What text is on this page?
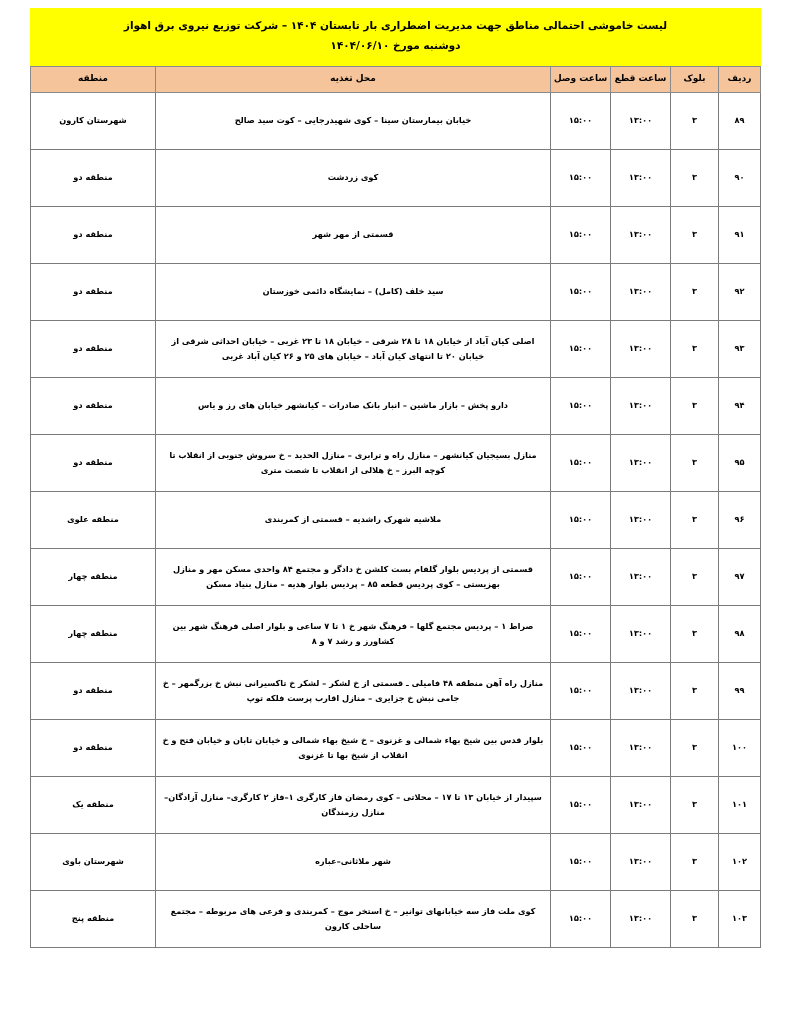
لیست خاموشی احتمالی مناطق جهت مدیریت اضطراری بار تابستان ۱۴۰۴ – شرکت توزیع نیروی برق اهواز
دوشنبه مورخ ۱۴۰۴/۰۶/۱۰
ردیف	بلوک	ساعت قطع	ساعت وصل	محل تغذیه	منطقه
۸۹	۳	۱۳:۰۰	۱۵:۰۰	خیابان بیمارستان سینا – کوی شهیدرجایی – کوت سید صالح	شهرستان کارون
۹۰	۳	۱۳:۰۰	۱۵:۰۰	کوی زردشت	منطقه دو
۹۱	۳	۱۳:۰۰	۱۵:۰۰	قسمتی از مهر شهر	منطقه دو
۹۲	۳	۱۳:۰۰	۱۵:۰۰	سید خلف (کامل) – نمایشگاه دائمی خوزستان	منطقه دو
۹۳	۳	۱۳:۰۰	۱۵:۰۰	اصلی کیان آباد از خیابان ۱۸ تا ۲۸ شرقی – خیابان ۱۸ تا ۲۳ غربی – خیابان احداثی شرقی از خیابان ۲۰ تا انتهای کیان آباد – خیابان های ۲۵ و ۲۶ کیان آباد غربی	منطقه دو
۹۴	۳	۱۳:۰۰	۱۵:۰۰	دارو پخش – بازار ماشین – انبار بانک صادرات – کیانشهر خیابان های رز و یاس	منطقه دو
۹۵	۳	۱۳:۰۰	۱۵:۰۰	منازل بسیجیان کیانشهر – منازل راه و ترابری – منازل الحدید – خ سروش جنوبی از انقلاب تا کوچه البرز – خ هلالی از انقلاب تا شصت متری	منطقه دو
۹۶	۳	۱۳:۰۰	۱۵:۰۰	ملاشیه شهرک راشدیه – قسمتی از کمربندی	منطقه علوی
۹۷	۳	۱۳:۰۰	۱۵:۰۰	قسمتی از پردیس بلوار گلفام بست کلشن خ دادگر و مجتمع ۸۴ واحدی مسکن مهر و منازل بهزیستی – کوی پردیس قطعه ۸۵ – پردیس بلوار هدیه – منازل بنیاد مسکن	منطقه چهار
۹۸	۳	۱۳:۰۰	۱۵:۰۰	صراط ۱ – پردیس مجتمع گلها – فرهنگ شهر خ ۱ تا ۷ ساعی و بلوار اصلی فرهنگ شهر بین کشاورز و رشد ۷ و ۸	منطقه چهار
۹۹	۳	۱۳:۰۰	۱۵:۰۰	منازل راه آهن منطقه ۴۸ فامیلی ـ قسمتی از خ لشکر – لشکر خ تاکسیرانی نبش خ بزرگمهر – خ جامی نبش خ جزایری – منازل اقارب پرست فلکه توپ	منطقه دو
۱۰۰	۳	۱۳:۰۰	۱۵:۰۰	بلوار قدس بین شیخ بهاء شمالی و غزنوی – خ شیخ بهاء شمالی و خیابان تابان و خیابان فتح و خ انقلاب از شیخ بها تا غزنوی	منطقه دو
۱۰۱	۳	۱۳:۰۰	۱۵:۰۰	سپیدار از خیابان ۱۳ تا ۱۷ – محلاتی – کوی رمضان فاز کارگری ۱–فاز ۲ کارگری– منازل آزادگان– منازل رزمندگان	منطقه یک
۱۰۲	۳	۱۳:۰۰	۱۵:۰۰	شهر ملاثانی–عباره	شهرستان باوی
۱۰۳	۳	۱۳:۰۰	۱۵:۰۰	کوی ملت فاز سه خیابانهای توانیر – خ استخر موج – کمربندی و فرعی های مربوطه – مجتمع ساحلی کارون	منطقه پنج
